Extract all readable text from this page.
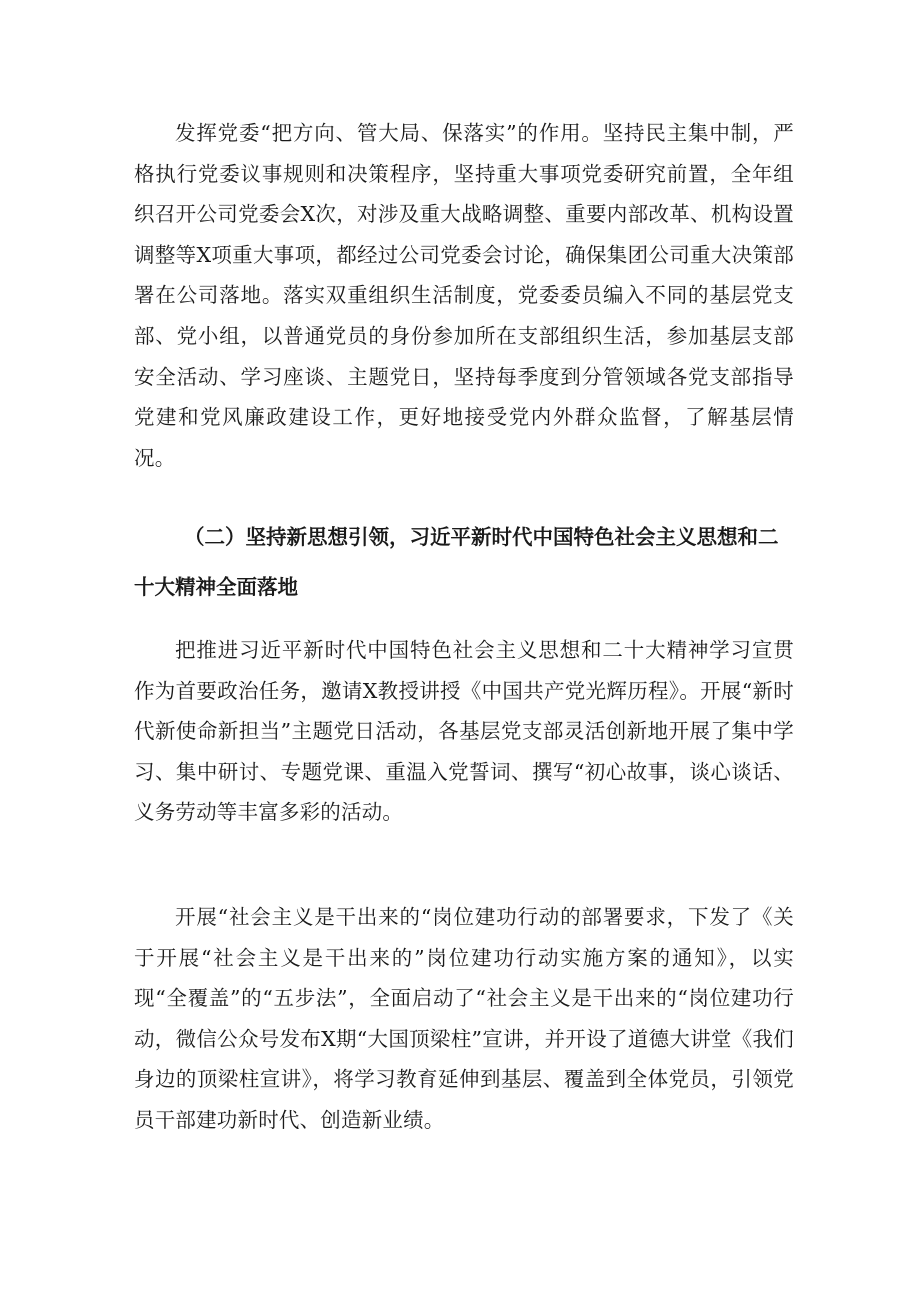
发挥党委“把方向、管大局、保落实”的作用。坚持民主集中制，严格执行党委议事规则和决策程序，坚持重大事项党委研究前置，全年组织召开公司党委会X次，对涉及重大战略调整、重要内部改革、机构设置调整等X项重大事项，都经过公司党委会讨论，确保集团公司重大决策部署在公司落地。落实双重组织生活制度，党委委员编入不同的基层党支部、党小组，以普通党员的身份参加所在支部组织生活，参加基层支部安全活动、学习座谈、主题党日，坚持每季度到分管领域各党支部指导党建和党风廉政建设工作，更好地接受党内外群众监督，了解基层情况。

（二）坚持新思想引领，习近平新时代中国特色社会主义思想和二十大精神全面落地

把推进习近平新时代中国特色社会主义思想和二十大精神学习宣贯作为首要政治任务，邀请X教授讲授《中国共产党光辉历程》。开展“新时代新使命新担当”主题党日活动，各基层党支部灵活创新地开展了集中学习、集中研讨、专题党课、重温入党誓词、撰写“初心故事，谈心谈话、义务劳动等丰富多彩的活动。

开展“社会主义是干出来的“岗位建功行动的部署要求，下发了《关于开展“社会主义是干出来的”岗位建功行动实施方案的通知》，以实现“全覆盖”的“五步法”，全面启动了“社会主义是干出来的“岗位建功行动，微信公众号发布X期“大国顶梁柱”宣讲，并开设了道德大讲堂《我们身边的顶梁柱宣讲》，将学习教育延伸到基层、覆盖到全体党员，引领党员干部建功新时代、创造新业绩。
